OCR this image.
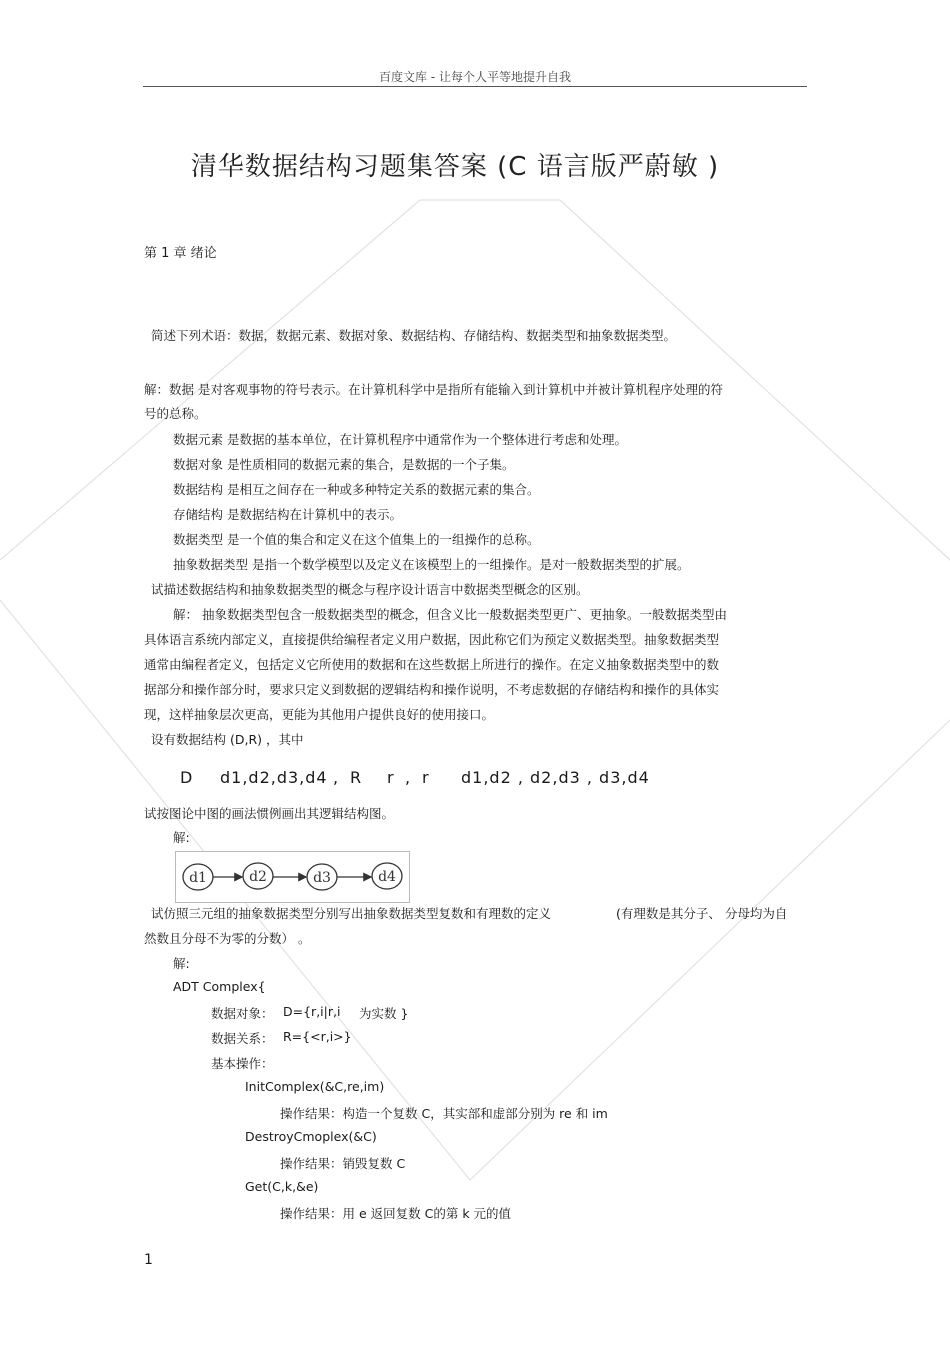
百度文库 - 让每个人平等地提升自我
清华数据结构习题集答案 (C 语言版严蔚敏 )
第 1 章 绪论
简述下列术语：数据，数据元素、数据对象、数据结构、存储结构、数据类型和抽象数据类型。
解：数据 是对客观事物的符号表示。在计算机科学中是指所有能输入到计算机中并被计算机程序处理的符
号的总称。
数据元素 是数据的基本单位，在计算机程序中通常作为一个整体进行考虑和处理。
数据对象 是性质相同的数据元素的集合，是数据的一个子集。
数据结构 是相互之间存在一种或多种特定关系的数据元素的集合。
存储结构 是数据结构在计算机中的表示。
数据类型 是一个值的集合和定义在这个值集上的一组操作的总称。
抽象数据类型 是指一个数学模型以及定义在该模型上的一组操作。是对一般数据类型的扩展。
试描述数据结构和抽象数据类型的概念与程序设计语言中数据类型概念的区别。
解： 抽象数据类型包含一般数据类型的概念，但含义比一般数据类型更广、更抽象。一般数据类型由
具体语言系统内部定义，直接提供给编程者定义用户数据，因此称它们为预定义数据类型。抽象数据类型
通常由编程者定义，包括定义它所使用的数据和在这些数据上所进行的操作。在定义抽象数据类型中的数
据部分和操作部分时，要求只定义到数据的逻辑结构和操作说明，不考虑数据的存储结构和操作的具体实
现，这样抽象层次更高，更能为其他用户提供良好的使用接口。
设有数据结构 (D,R) ，其中
D d1,d2,d3,d4 , R r , r d1,d2 , d2,d3 , d3,d4
试按图论中图的画法惯例画出其逻辑结构图。
解:
d1	d2	d3	d4
试仿照三元组的抽象数据类型分别写出抽象数据类型复数和有理数的定义	(有理数是其分子、 分母均为自
然数且分母不为零的分数） 。
解:
ADT Complex{
数据对象： D={r,i|r,i 为实数 }
数据关系： R={<r,i>}
基本操作：
InitComplex(&C,re,im)
操作结果：构造一个复数 C，其实部和虚部分别为 re 和 im
DestroyCmoplex(&C)
操作结果：销毁复数 C
Get(C,k,&e)
操作结果：用 e 返回复数 C的第 k 元的值
1
